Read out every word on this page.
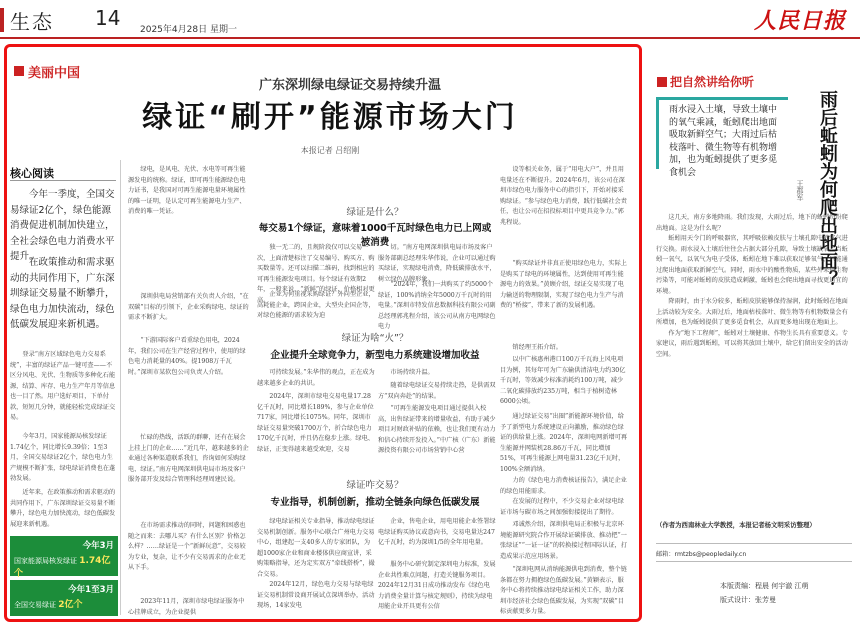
生态 14 2025年4月28日 星期一	人民日报
美丽中国
广东深圳绿电绿证交易持续升温
绿证“刷开”能源市场大门
本报记者 吕绍刚
核心阅读
今年一季度，全国交易绿证2亿个，绿色能源消费促进机制加快建立，全社会绿色电力消费水平提升。
在政策推动和需求驱动的共同作用下，广东深圳绿证交易量不断攀升，绿色电力加快流动，绿色低碳发展迎来新机遇。
登录“南方区域绿色电力交易系统”，丰富的绿证产品一键可查——不区分风电、光伏、生物质等多种化石能源，结算、库存、电力生产年月等信息也一目了然。用户选好项目，下单付款，短短几分钟，就能轻松完成绿证交易。
今年3月，国家能源局核发绿证1.74亿个，同比增长9.39倍；1至3月，全国交易绿证2亿个，绿色电力生产规模不断扩张，绿电绿证消费也在蓬勃发展。
近年来，在政策推动和需求驱动的共同作用下，广东深圳绿证交易量不断攀升，绿色电力加快流动，绿色低碳发展迎来新机遇。
今年3月
国家能源局核发绿证 1.74亿个

今年1至3月
全国交易绿证 2亿个
绿电，是风电、光伏、水电等可再生能源发电的统称。绿证，即可再生能源绿色电力证书，是我国对可再生能源电量环境属性的唯一证明，是认定可再生能源电力生产、消费的唯一凭证。
深圳供电局营销部有关负责人介绍，“在双碳”目标的引领下，企业采购绿电、绿证的需求不断扩大。
“下游国际客户看重绿色用电，2024年，我们公司在生产经营过程中，使用的绿色电力消耗量的40%。提1908万千瓦时。”深圳市某软包公司负责人介绍。
忙碌的热线，活跃的群聊，还有在展会上挂上门的企业……“近几年，越来越多的企业通过各种渠道联系我们，咨询如何采购绿电、绿证。”南方电网深圳供电局市场及客户服务部开发及综合管理科经理周建民说。
在市场需求推动的同时，问题和困惑也随之而来：去哪儿买？有什么区别？价格怎么样？……绿证是一个“新鲜玩意”，交易较为专业，复杂，让不少有交易需求的企业无从下手。
2023年11月，深圳市绿电绿证服务中心挂牌成立，为企业提供
绿证是什么？
每交易1个绿证，意味着1000千瓦时绿色电力已上网或被消费
独一无二的，且规阶段仅可以交易一次，上面清楚标注了交易编号、购买方、购买数量等。还可以扫描二维码，找到相应的可再生能源发电项目。每个绿证有效期2年，一般来说，“新鲜”的绿证，价格相对更高。
企业为何重视采购绿证？外向型企业，高耗能企业，跨国企业，大型央企国企等，对绿色能源的需求较为迫
切。“南方电网深圳供电局市场及客户服务部副总经理朱华伟说，企业可以通过购买绿证，实现绿电消费，降低碳排放水平，树立绿色品牌形象。
“2024年，我们一共购买了约5000个绿证，100%消纳全年5000万千瓦时的用电量。”深圳市特发信息数据科技有限公司副总经理郭兆程介绍，该公司从南方电网绿色电力
设等相关业务，属于“用电大户”，并且用电量还在不断提升。2024年6月，该公司在深圳市绿色电力服务中心的指引下，开始对接采购绿证。“参与绿色电力消费，践行低碳社会责任，也让公司在招投标项目中更具竞争力。”郭兆程说。
“购买绿证并非真正使用绿色电力，实际上是购买了绿电的环境属性，达到使用可再生能源电力的效果。”黄顾介绍，绿证交易实现了电力输送的物理限制，实现了绿色电力生产与消费的“桥接”，带来了新的发展机遇。
绿证为啥“火”？
企业提升全球竞争力，新型电力系统建设增加收益
可持续发展。”朱华伟的观点，正在成为越来越多企业的共识。
2024年，深圳市绿电交易电量17.28亿千瓦时，同比增长189%，参与企业单位717家，同比增长1075%。同年，深圳市绿证交易量突破1700万个，折合绿色电力170亿千瓦时，并且仍在稳步上涨。绿电、绿证，正变得越来越受欢迎，交易
市场持续升温。
随着绿电绿证交易持续走热，是供需双方“双向奔赴”的结果。
“可再生能源发电项目通过提供入校高，出售绿证带来的增量收益，有助于减少项目对财政补贴的依赖，也让我们更有动力和信心持续开发投入。”中广核（广东）新能源投资有限公司市场营销中心营
销经理王拓介绍。
以中广核惠州港口100万千瓦海上风电项目为例，其每年可为广东输供清洁电力约30亿千瓦时，等效减少标准消耗约100万吨，减少二氧化碳排放约235万吨，相当于植树造林6000公顷。
通过绿证交易“出圈”新能源环境价值，给予了新型电力系统建设正向激励，推动绿色绿证的供给量上涨。2024年，深圳电网新增可再生能源并网装机28.86万千瓦，同比增加51%，可再生能源上网电量31.23亿千瓦时，100%全额消纳。
绿证咋交易？
专业指导，机制创新，推动全链条向绿色低碳发展
绿电绿证相关专业指导，推动绿电绿证交易机制创新。服务中心联合广州电力交易中心，组建起一支40多人的专家团队，为超1000家企业和商业楼体供应商宣讲，采购策略指导，还为定实双方“牵线搭桥”，撮合交易。
2024年12月，绿色电力交易与绿电绿证交易机制常设商开展试点深圳举办，活动现场，14家发电
企业，售电企业，用电用能企业签署绿电绿证购买协议或意向书，交易电量达247亿千瓦时，约为深圳1/5的全年用电量。
服务中心研究制定深圳电力标准，发展企业共性难点问题，打造关键服务项目。2024年12月31日成功推动发布《绿色电力消费全量计算与核定规则》，持续为绿电用能企业开具更有公信
力的《绿色电力消费核证报告》，满足企业的绿色用能需求。
在发展的过程中，不少交易企业对绿电绿证市场与碳市场之间加强衔接提出了期待。
邓诚然介绍，深圳供电局正积极与北京环境能源研究院合作开展绿证碳排放、推动把“一张绿证”“一证一证”的转换接过程国际认证，打造成果示范应用场景。
“深圳电网从消纳能源供电到消费，整个链条都在努力拥抱绿色低碳发展。”黄颖表示，服务中心将持续推动绿电绿证相关工作，助力深圳市经济社会绿色低碳发展，为实现“双碳”目标贡献更多力量。
把自然讲给你听
雨水浸入土壤，导致土壤中的氧气乘减，蚯蚓爬出地面吸取新鲜空气；大雨过后枯枝落叶、微生物等有机物增加，也为蚯蚓提供了更多觅食机会	雨后蚯蚓为何爬出地面？
王郡军

这几天，南方多地降雨。我们发现，大雨过后，地下的蚯蚓纷纷爬出地面。这是为什么呢？

蚯蚓用天令门的呼吸器官，其呼吸依赖皮肤与土壤孔隙中的氧气进行交换。雨水浸入土壤后往往会占据大部分孔隙，导致土壤缺氧。当蚯蚓一氧气，以氧气为电子受体，蚯蚓在地下难以获取足够氧气，只能通过爬出地面获取新鲜空气。同时，雨水中的酸性物质，某些外来微生物污染等，可能对蚯蚓的皮肤造成刺激，蚯蚓也会爬出地面寻找更适宜的环境。

降雨时，由于水分较多，蚯蚓皮肤能够保持湿润，此时蚯蚓在地面上活动较为安全。大雨过后，地面枯枝落叶、微生物等有机物数量会有所增加，也为蚯蚓提供了更多觅食机会，从而更多地出现在地面上。

作为“地下工程师”，蚯蚓对土壤健康、作物生长具有重要意义。专家建议，雨后遇到蚯蚓，可以将其放回土壤中，给它们留出安全的活动空间。

（作者为西南林业大学教授，本报记者杨文明采访整理）
邮箱：rmtzbs@peopledaily.cn
本版责编：程晨 何宇澈 江萌
版式设计：张芳曼
